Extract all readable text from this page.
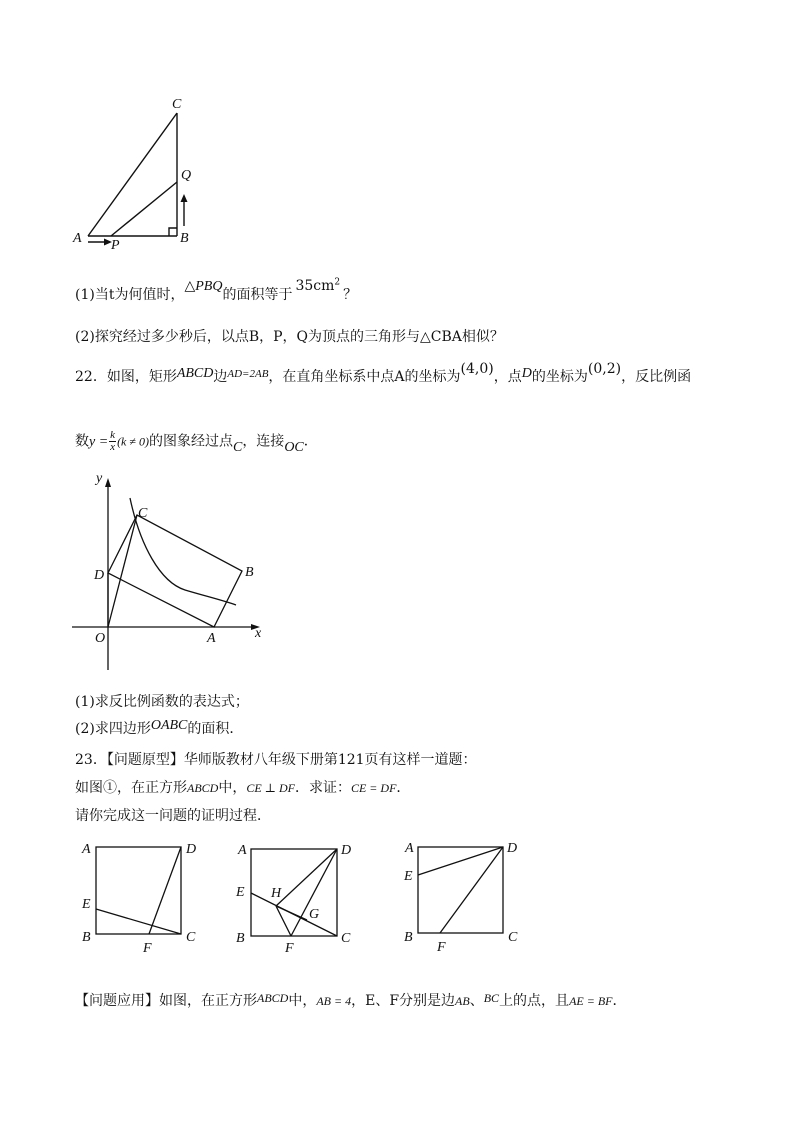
C
Q
A P	B
(1)当t为何值时，△PBQ的面积等于$35cm^2$？
(2)探究经过多少秒后，以点B，P，Q为顶点的三角形与△CBA相似？
22．如图，矩形ABCD边$^{AD=2AB}$，在直角坐标系中点A的坐标为(4,0)，点D的坐标为(0,2)，反比例函
数$y = \frac{k}{x} (k \ne 0)$的图象经过点C，连接OC．
y
C
D	B
O	A	x
(1)求反比例函数的表达式；
(2)求四边形OABC的面积．
23．【问题原型】华师版教材八年级下册第121页有这样一道题：
如图①，在正方形ABCD中，CE ⊥ DF．求证：CE = DF．
请你完成这一问题的证明过程．
A	D
E
B
F
C
A	D
E H
G
B
F
C
A	D
E
B
F
C
【问题应用】如图，在正方形ABCD中，AB = 4，E、F分别是边AB、BC上的点，且AE = BF．
